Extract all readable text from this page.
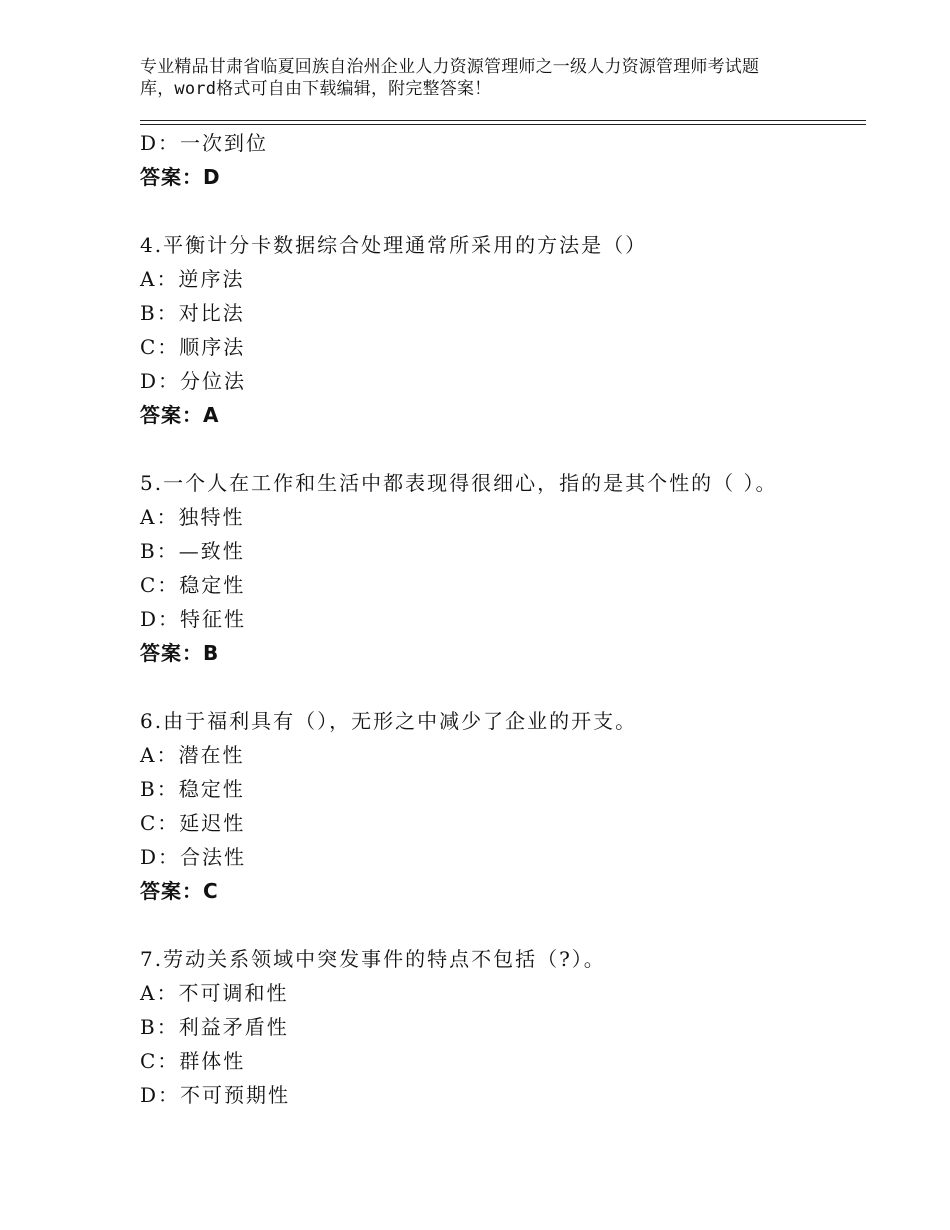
专业精品甘肃省临夏回族自治州企业人力资源管理师之一级人力资源管理师考试题
库，word格式可自由下载编辑，附完整答案！
D：一次到位
答案：D
4.平衡计分卡数据综合处理通常所采用的方法是（）
A：逆序法
B：对比法
C：顺序法
D：分位法
答案：A
5.一个人在工作和生活中都表现得很细心，指的是其个性的（ ）。
A：独特性
B：—致性
C：稳定性
D：特征性
答案：B
6.由于福利具有（），无形之中减少了企业的开支。
A：潜在性
B：稳定性
C：延迟性
D：合法性
答案：C
7.劳动关系领域中突发事件的特点不包括（?）。
A：不可调和性
B：利益矛盾性
C：群体性
D：不可预期性
